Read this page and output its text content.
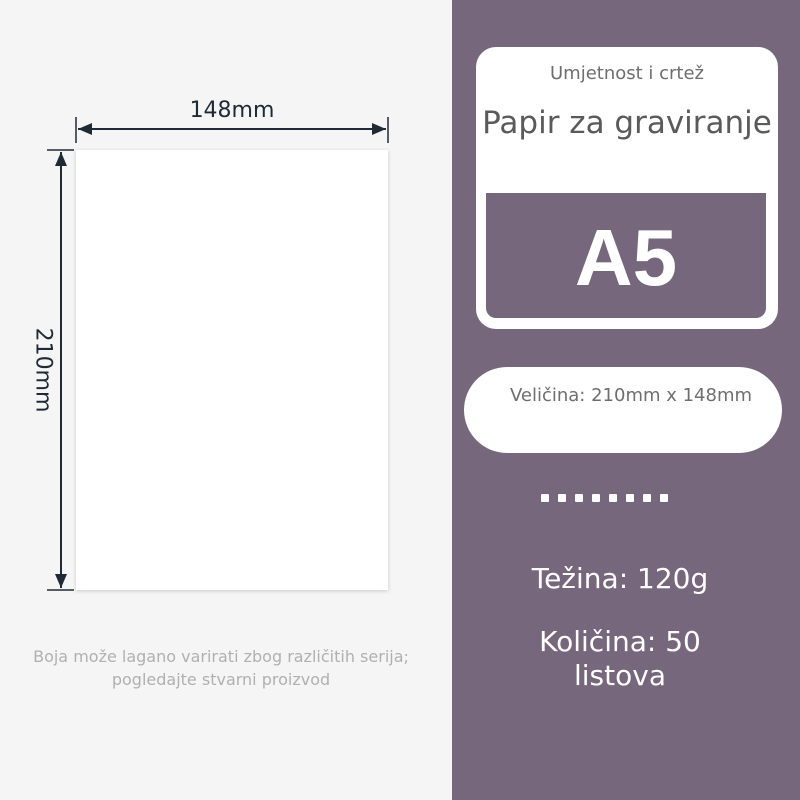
148mm
210mm
Boja može lagano varirati zbog različitih serija; pogledajte stvarni proizvod
Umjetnost i crtež
Papir za graviranje
A5
Veličina: 210mm x 148mm
Težina: 120g
Količina: 50 listova
